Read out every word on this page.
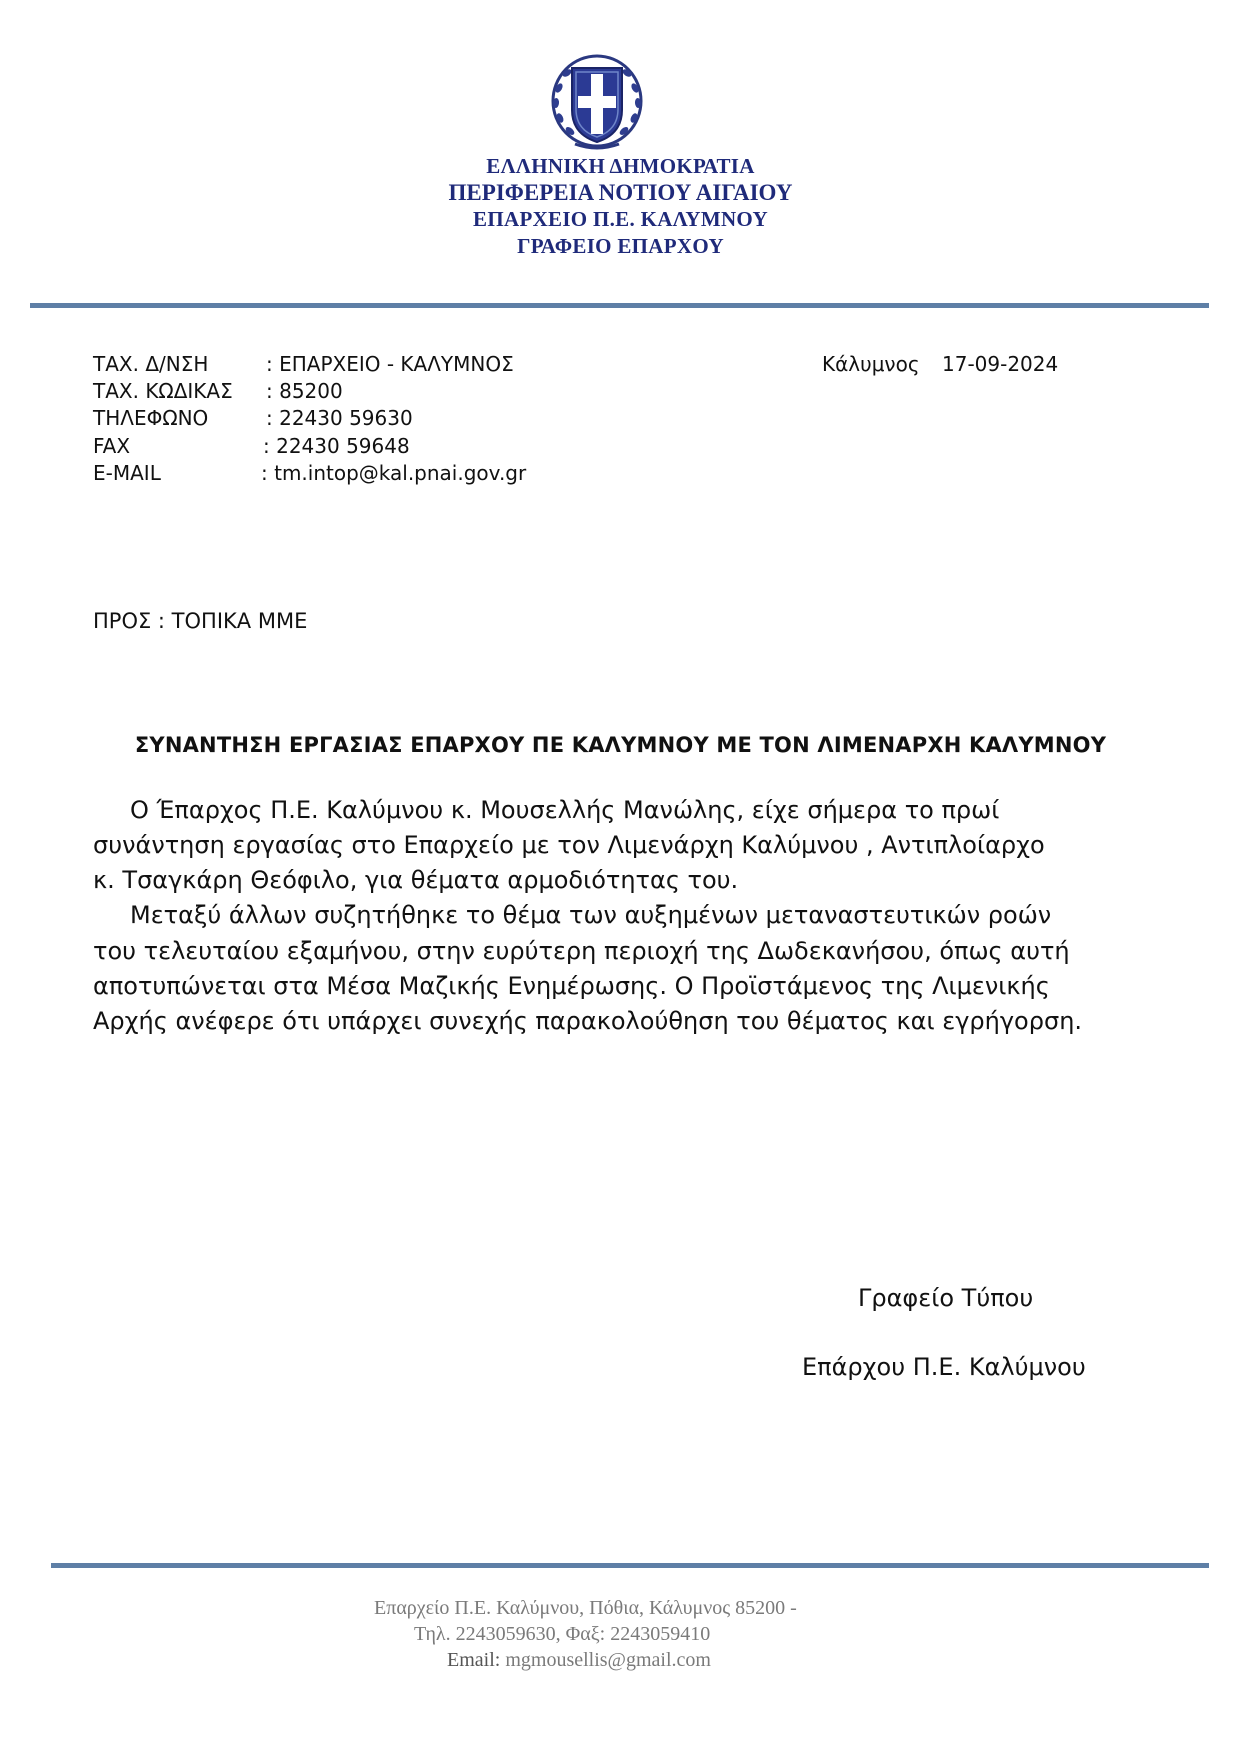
ΕΛΛΗΝΙΚΗ ΔΗΜΟΚΡΑΤΙΑ
ΠΕΡΙΦΕΡΕΙΑ ΝΟΤΙΟΥ ΑΙΓΑΙΟΥ
ΕΠΑΡΧΕΙΟ Π.Ε. ΚΑΛΥΜΝΟΥ
ΓΡΑΦΕΙΟ ΕΠΑΡΧΟΥ
ΤΑΧ. Δ/ΝΣΗ	: ΕΠΑΡΧΕΙΟ - ΚΑΛΥΜΝΟΣ
ΤΑΧ. ΚΩΔΙΚΑΣ : 85200
ΤΗΛΕΦΩΝΟ	: 22430 59630
FAX	: 22430 59648
E-MAIL	: tm.intop@kal.pnai.gov.gr
Κάλυμνος 17-09-2024
ΠΡΟΣ : ΤΟΠΙΚΑ ΜΜΕ
ΣΥΝΑΝΤΗΣΗ ΕΡΓΑΣΙΑΣ ΕΠΑΡΧΟΥ ΠΕ ΚΑΛΥΜΝΟΥ ΜΕ ΤΟΝ ΛΙΜΕΝΑΡΧΗ ΚΑΛΥΜΝΟΥ
Ο Έπαρχος Π.Ε. Καλύμνου κ. Μουσελλής Μανώλης, είχε σήμερα το πρωί
συνάντηση εργασίας στο Επαρχείο με τον Λιμενάρχη Καλύμνου , Αντιπλοίαρχο
κ. Τσαγκάρη Θεόφιλο, για θέματα αρμοδιότητας του.
Μεταξύ άλλων συζητήθηκε το θέμα των αυξημένων μεταναστευτικών ροών
του τελευταίου εξαμήνου, στην ευρύτερη περιοχή της Δωδεκανήσου, όπως αυτή
αποτυπώνεται στα Μέσα Μαζικής Ενημέρωσης. Ο Προϊστάμενος της Λιμενικής
Αρχής ανέφερε ότι υπάρχει συνεχής παρακολούθηση του θέματος και εγρήγορση.
Γραφείο Τύπου
Επάρχου Π.Ε. Καλύμνου
Επαρχείο Π.Ε. Καλύμνου, Πόθια, Κάλυμνος 85200 -
Τηλ. 2243059630, Φαξ: 2243059410
Email: mgmousellis@gmail.com
